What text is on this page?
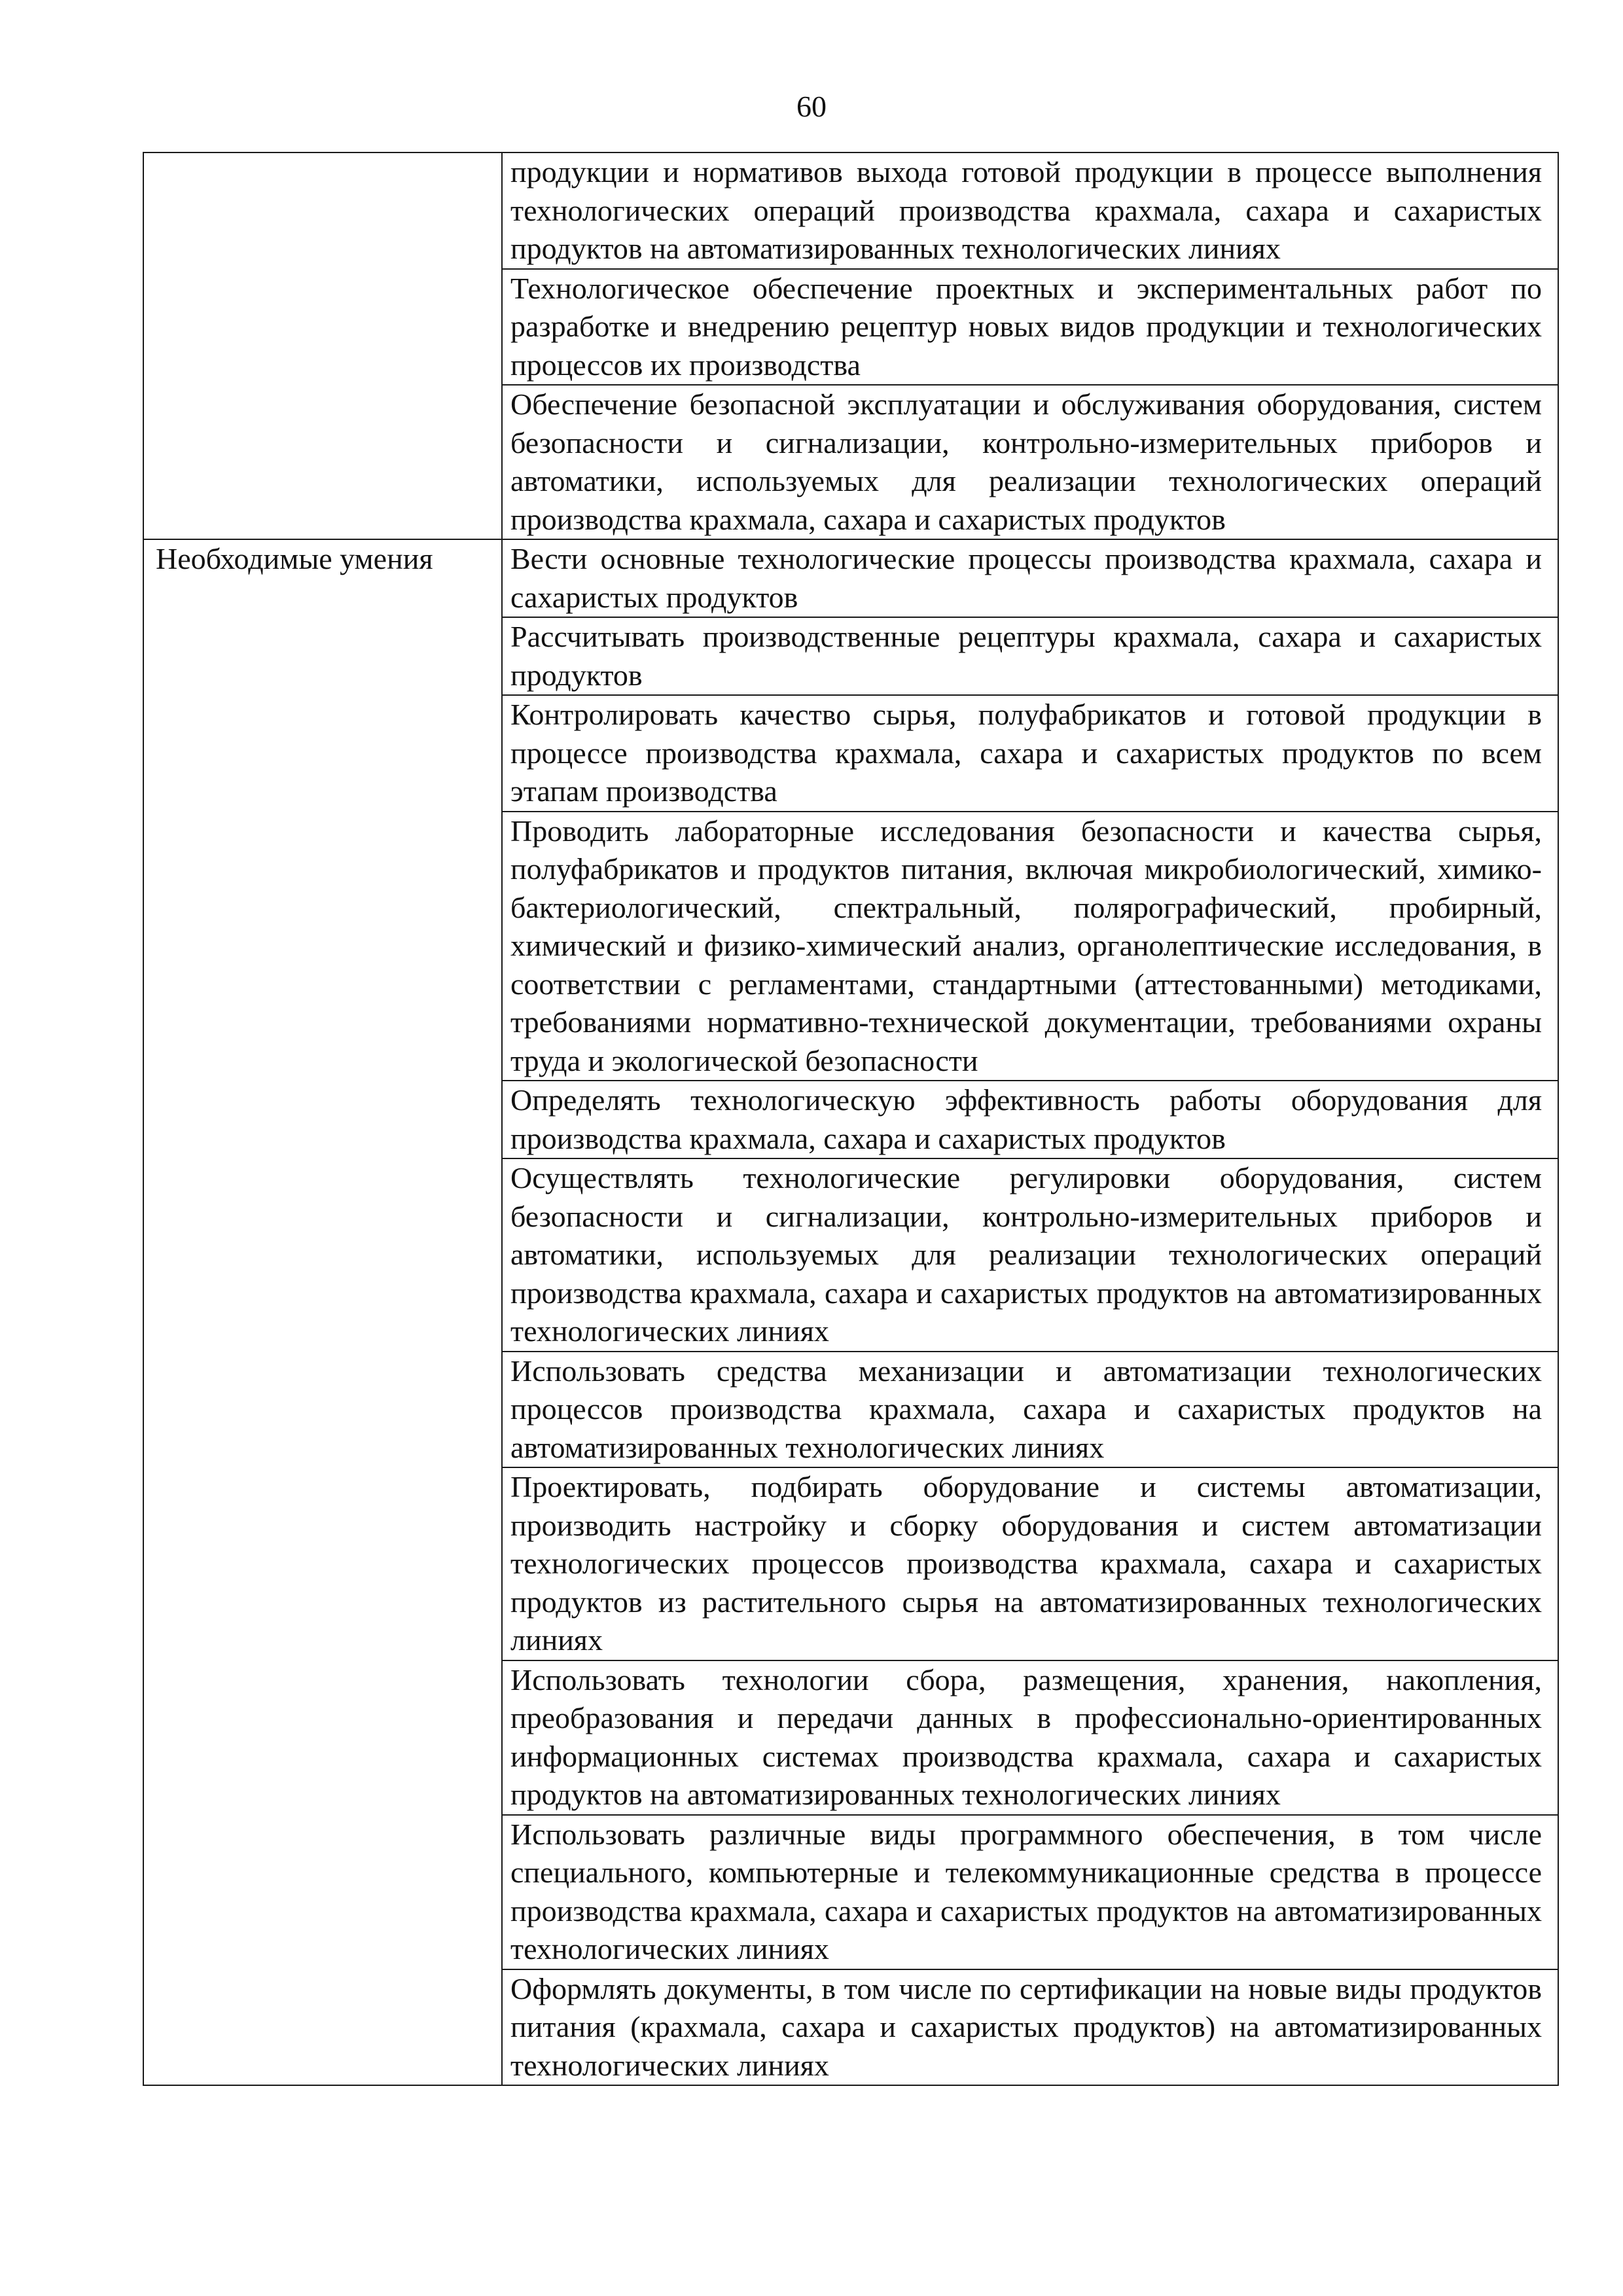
60
	продукции и нормативов выхода готовой продукции в процессе выполнения технологических операций производства крахмала, сахара и сахаристых продуктов на автоматизированных технологических линиях
	Технологическое обеспечение проектных и экспериментальных работ по разработке и внедрению рецептур новых видов продукции и технологических процессов их производства
	Обеспечение безопасной эксплуатации и обслуживания оборудования, систем безопасности и сигнализации, контрольно-измерительных приборов и автоматики, используемых для реализации технологических операций производства крахмала, сахара и сахаристых продуктов
Необходимые умения	Вести основные технологические процессы производства крахмала, сахара и сахаристых продуктов
	Рассчитывать производственные рецептуры крахмала, сахара и сахаристых продуктов
	Контролировать качество сырья, полуфабрикатов и готовой продукции в процессе производства крахмала, сахара и сахаристых продуктов по всем этапам производства
	Проводить лабораторные исследования безопасности и качества сырья, полуфабрикатов и продуктов питания, включая микробиологический, химико-бактериологический, спектральный, полярографический, пробирный, химический и физико-химический анализ, органолептические исследования, в соответствии с регламентами, стандартными (аттестованными) методиками, требованиями нормативно-технической документации, требованиями охраны труда и экологической безопасности
	Определять технологическую эффективность работы оборудования для производства крахмала, сахара и сахаристых продуктов
	Осуществлять технологические регулировки оборудования, систем безопасности и сигнализации, контрольно-измерительных приборов и автоматики, используемых для реализации технологических операций производства крахмала, сахара и сахаристых продуктов на автоматизированных технологических линиях
	Использовать средства механизации и автоматизации технологических процессов производства крахмала, сахара и сахаристых продуктов на автоматизированных технологических линиях
	Проектировать, подбирать оборудование и системы автоматизации, производить настройку и сборку оборудования и систем автоматизации технологических процессов производства крахмала, сахара и сахаристых продуктов из растительного сырья на автоматизированных технологических линиях
	Использовать технологии сбора, размещения, хранения, накопления, преобразования и передачи данных в профессионально-ориентированных информационных системах производства крахмала, сахара и сахаристых продуктов на автоматизированных технологических линиях
	Использовать различные виды программного обеспечения, в том числе специального, компьютерные и телекоммуникационные средства в процессе производства крахмала, сахара и сахаристых продуктов на автоматизированных технологических линиях
	Оформлять документы, в том числе по сертификации на новые виды продуктов питания (крахмала, сахара и сахаристых продуктов) на автоматизированных технологических линиях
